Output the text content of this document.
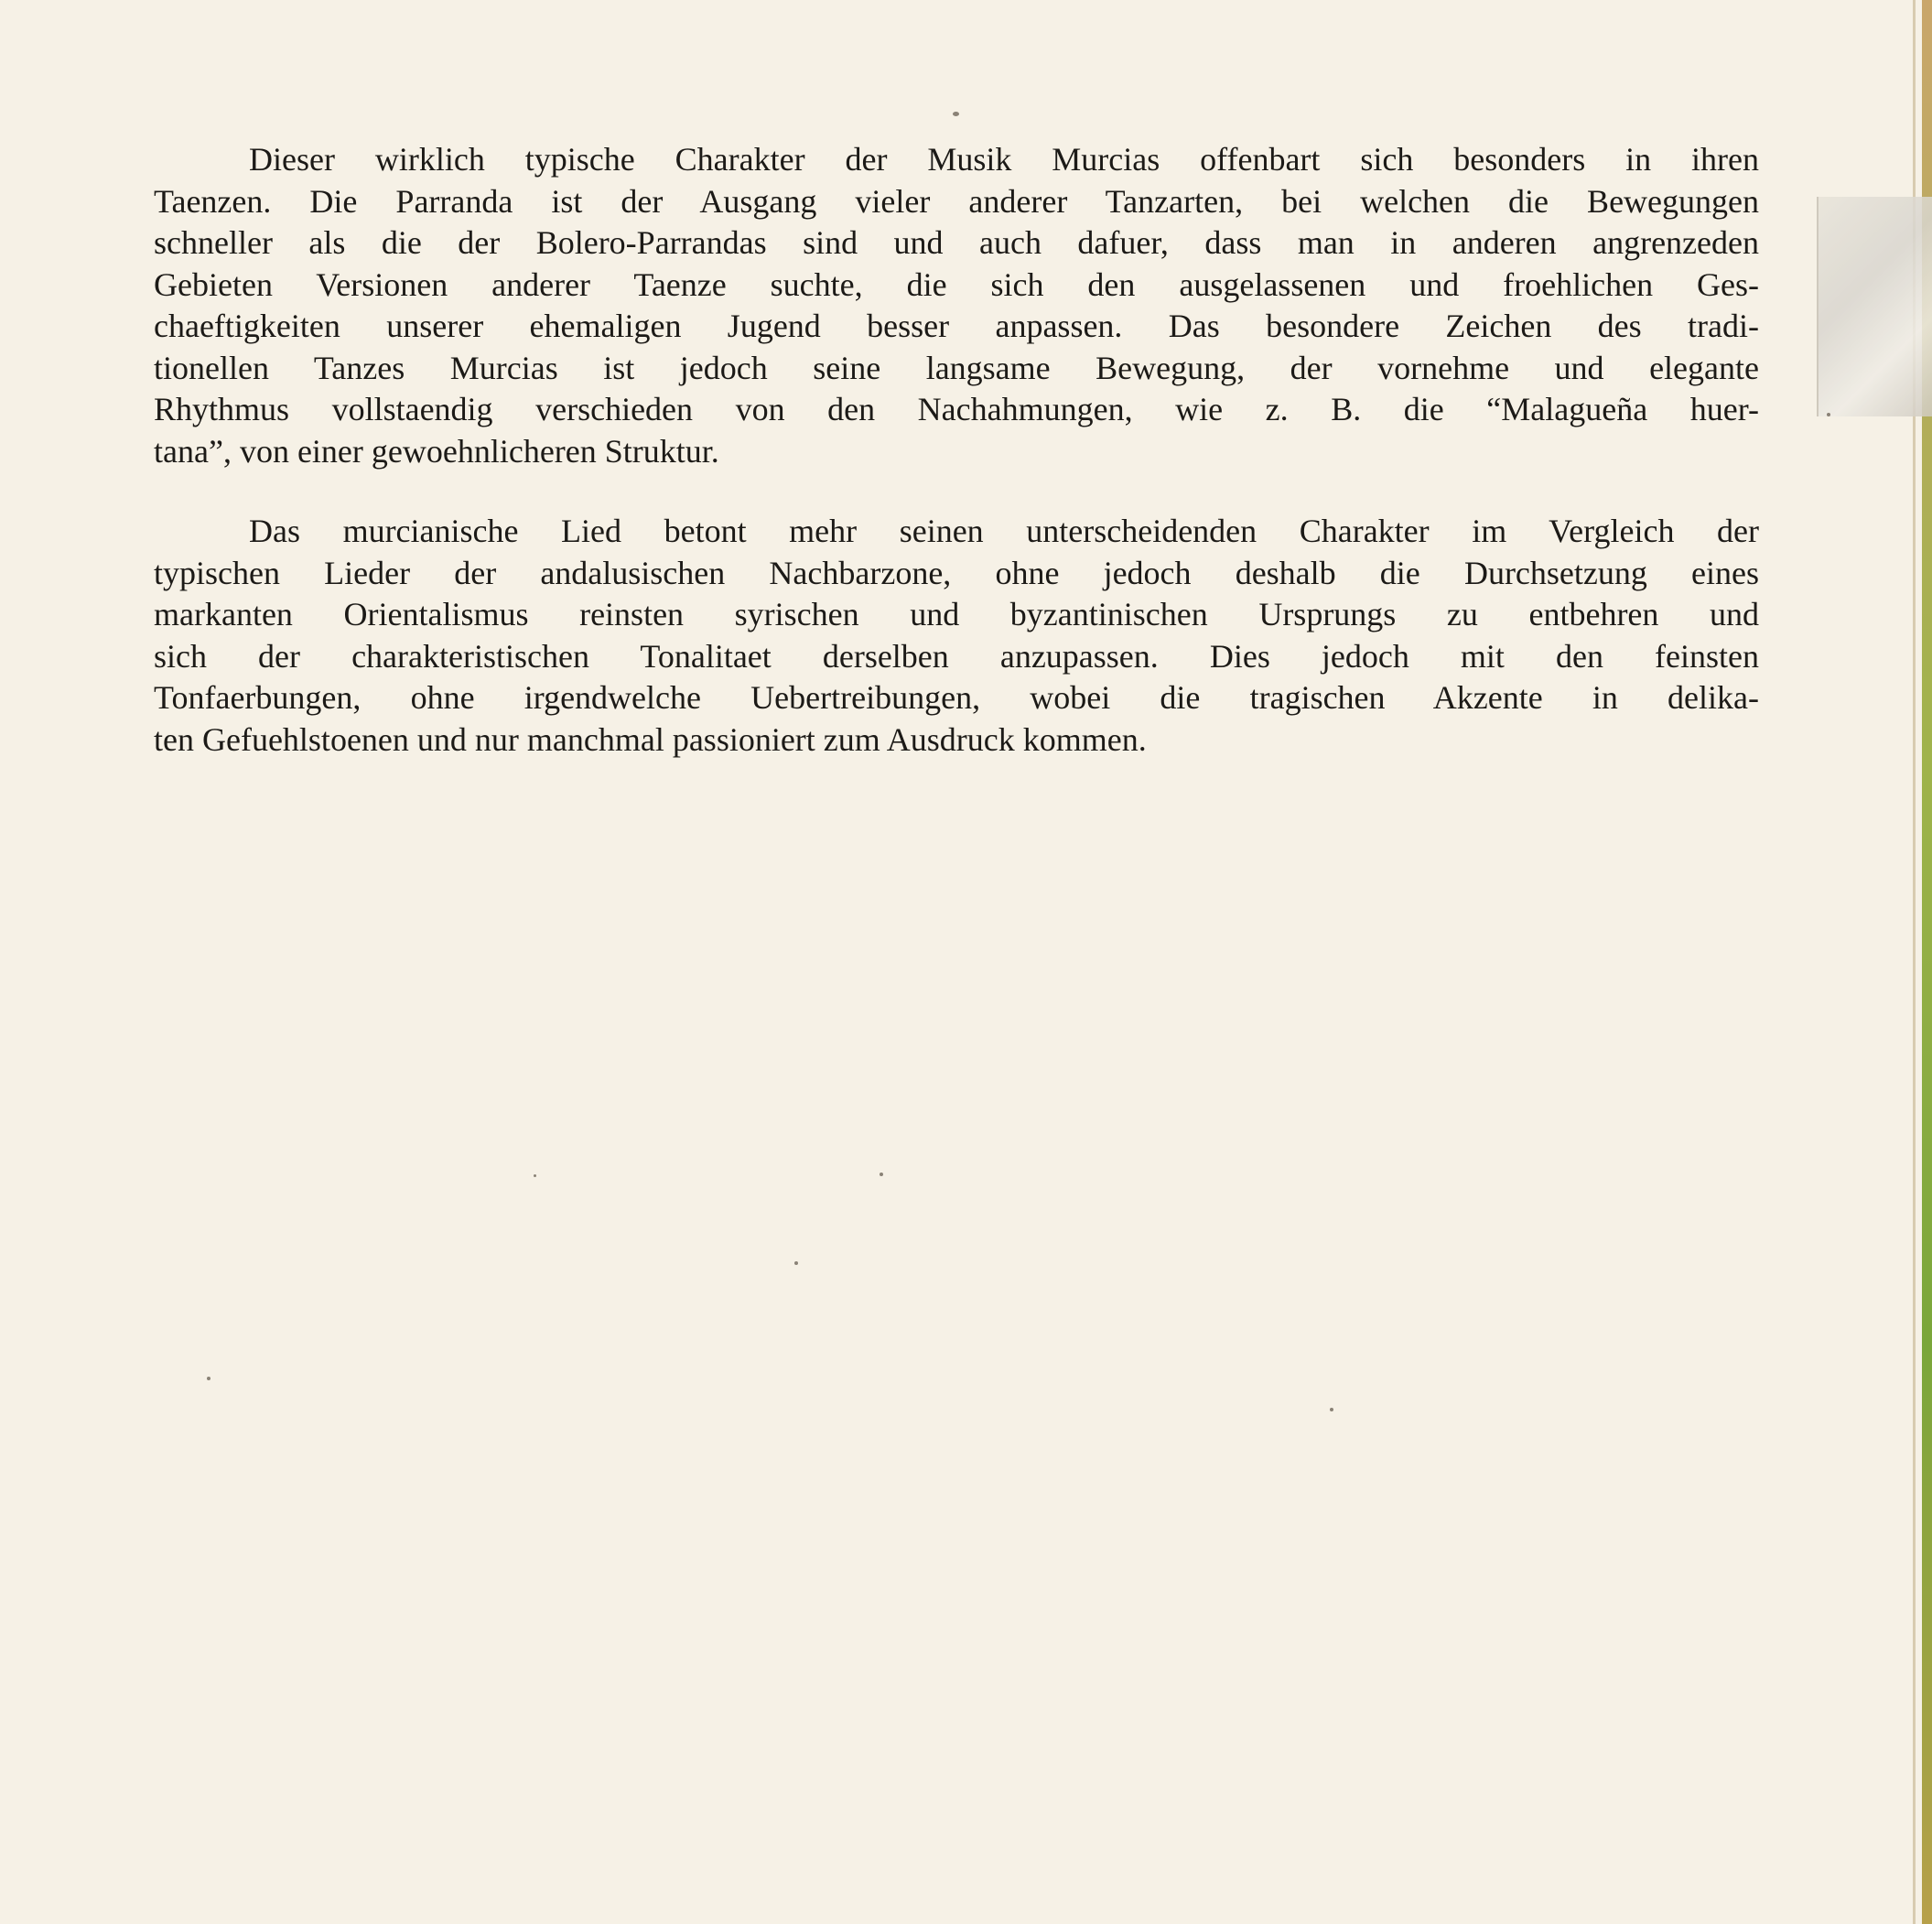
Dieser wirklich typische Charakter der Musik Murcias offenbart sich besonders in ihren
Taenzen. Die Parranda ist der Ausgang vieler anderer Tanzarten, bei welchen die Bewegungen
schneller als die der Bolero-Parrandas sind und auch dafuer, dass man in anderen angrenzeden
Gebieten Versionen anderer Taenze suchte, die sich den ausgelassenen und froehlichen Ges-
chaeftigkeiten unserer ehemaligen Jugend besser anpassen. Das besondere Zeichen des tradi-
tionellen Tanzes Murcias ist jedoch seine langsame Bewegung, der vornehme und elegante
Rhythmus vollstaendig verschieden von den Nachahmungen, wie z. B. die “Malagueña huer-
tana”, von einer gewoehnlicheren Struktur.
Das murcianische Lied betont mehr seinen unterscheidenden Charakter im Vergleich der
typischen Lieder der andalusischen Nachbarzone, ohne jedoch deshalb die Durchsetzung eines
markanten Orientalismus reinsten syrischen und byzantinischen Ursprungs zu entbehren und
sich der charakteristischen Tonalitaet derselben anzupassen. Dies jedoch mit den feinsten
Tonfaerbungen, ohne irgendwelche Uebertreibungen, wobei die tragischen Akzente in delika-
ten Gefuehlstoenen und nur manchmal passioniert zum Ausdruck kommen.
